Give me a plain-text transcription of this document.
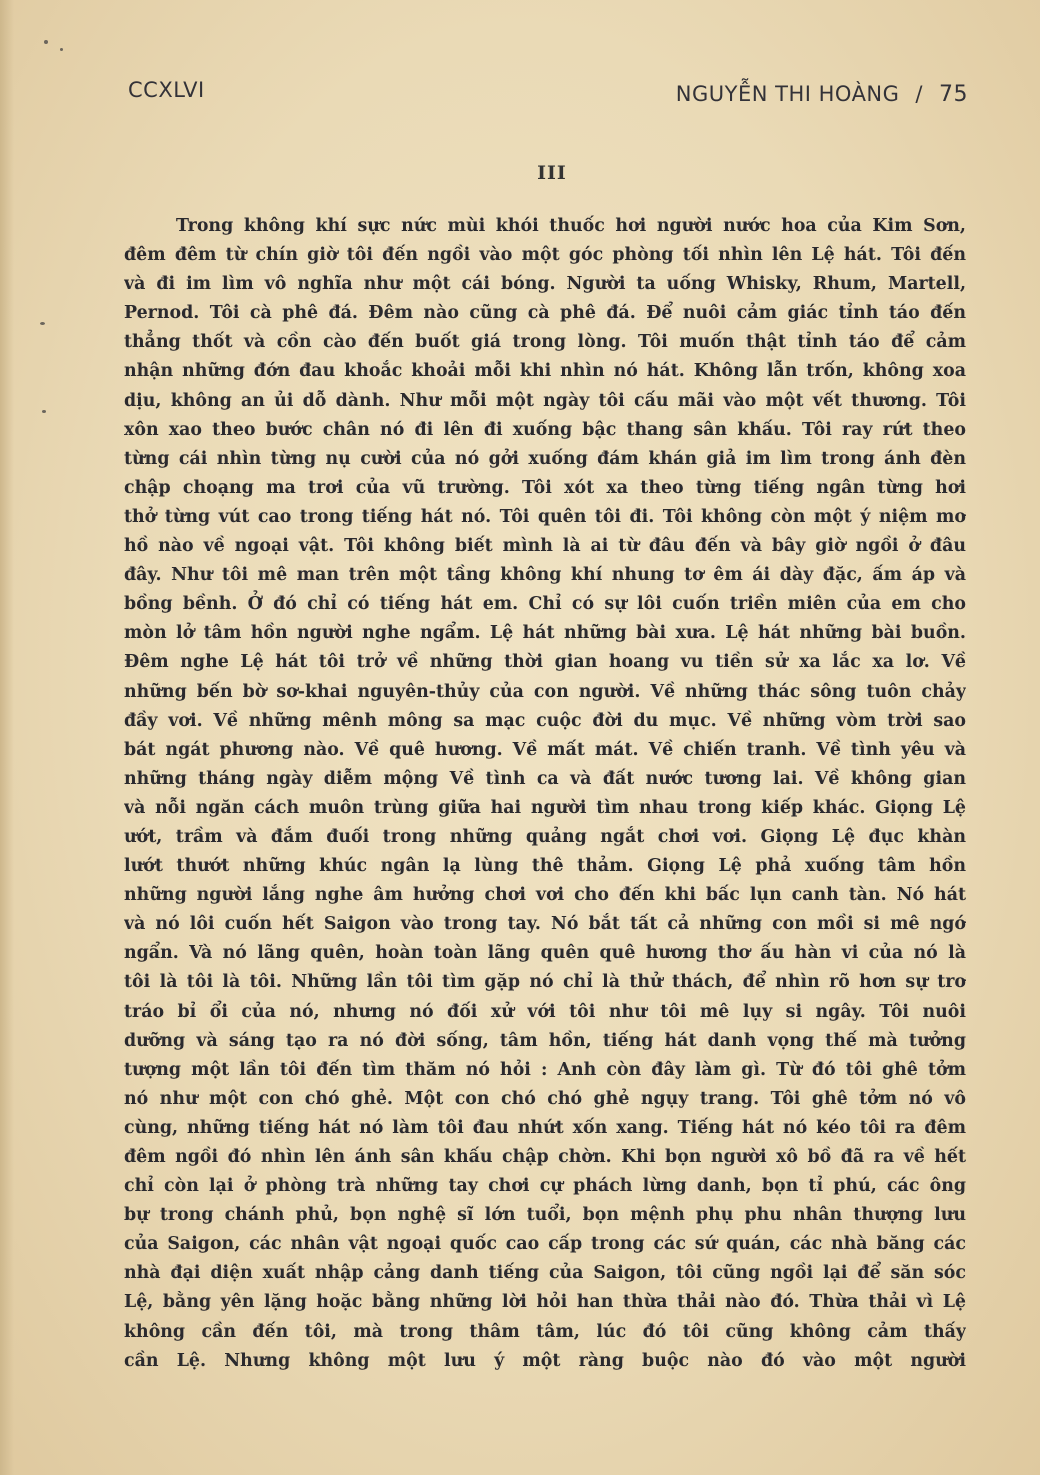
CCXLVI	NGUYỄN THI HOÀNG / 75
III
Trong không khí sực nức mùi khói thuốc hơi người nước hoa của Kim Sơn,
đêm đêm từ chín giờ tôi đến ngồi vào một góc phòng tối nhìn lên Lệ hát. Tôi đến
và đi im lìm vô nghĩa như một cái bóng. Người ta uống Whisky, Rhum, Martell,
Pernod. Tôi cà phê đá. Đêm nào cũng cà phê đá. Để nuôi cảm giác tỉnh táo đến
thẳng thốt và cồn cào đến buốt giá trong lòng. Tôi muốn thật tỉnh táo để cảm
nhận những đớn đau khoắc khoải mỗi khi nhìn nó hát. Không lẫn trốn, không xoa
dịu, không an ủi dỗ dành. Như mỗi một ngày tôi cấu mãi vào một vết thương. Tôi
xôn xao theo bước chân nó đi lên đi xuống bậc thang sân khấu. Tôi ray rứt theo
từng cái nhìn từng nụ cười của nó gởi xuống đám khán giả im lìm trong ánh đèn
chập choạng ma trơi của vũ trường. Tôi xót xa theo từng tiếng ngân từng hơi
thở từng vút cao trong tiếng hát nó. Tôi quên tôi đi. Tôi không còn một ý niệm mơ
hồ nào về ngoại vật. Tôi không biết mình là ai từ đâu đến và bây giờ ngồi ở đâu
đây. Như tôi mê man trên một tầng không khí nhung tơ êm ái dày đặc, ấm áp và
bồng bềnh. Ở đó chỉ có tiếng hát em. Chỉ có sự lôi cuốn triền miên của em cho
mòn lở tâm hồn người nghe ngẩm. Lệ hát những bài xưa. Lệ hát những bài buồn.
Đêm nghe Lệ hát tôi trở về những thời gian hoang vu tiền sử xa lắc xa lơ. Về
những bến bờ sơ-khai nguyên-thủy của con người. Về những thác sông tuôn chảy
đầy vơi. Về những mênh mông sa mạc cuộc đời du mục. Về những vòm trời sao
bát ngát phương nào. Về quê hương. Về mất mát. Về chiến tranh. Về tình yêu và
những tháng ngày diễm mộng Về tình ca và đất nước tương lai. Về không gian
và nỗi ngăn cách muôn trùng giữa hai người tìm nhau trong kiếp khác. Giọng Lệ
ướt, trầm và đắm đuối trong những quảng ngắt chơi vơi. Giọng Lệ đục khàn
lướt thướt những khúc ngân lạ lùng thê thảm. Giọng Lệ phả xuống tâm hồn
những người lắng nghe âm hưởng chơi vơi cho đến khi bấc lụn canh tàn. Nó hát
và nó lôi cuốn hết Saigon vào trong tay. Nó bắt tất cả những con mồi si mê ngớ
ngẩn. Và nó lãng quên, hoàn toàn lãng quên quê hương thơ ấu hàn vi của nó là
tôi là tôi là tôi. Những lần tôi tìm gặp nó chỉ là thử thách, để nhìn rõ hơn sự trơ
tráo bỉ ổi của nó, nhưng nó đối xử với tôi như tôi mê lụy si ngây. Tôi nuôi
dưỡng và sáng tạo ra nó đời sống, tâm hồn, tiếng hát danh vọng thế mà tưởng
tượng một lần tôi đến tìm thăm nó hỏi : Anh còn đây làm gì. Từ đó tôi ghê tởm
nó như một con chó ghẻ. Một con chó chó ghẻ ngụy trang. Tôi ghê tởm nó vô
cùng, những tiếng hát nó làm tôi đau nhứt xốn xang. Tiếng hát nó kéo tôi ra đêm
đêm ngồi đó nhìn lên ánh sân khấu chập chờn. Khi bọn người xô bồ đã ra về hết
chỉ còn lại ở phòng trà những tay chơi cự phách lừng danh, bọn tỉ phú, các ông
bự trong chánh phủ, bọn nghệ sĩ lớn tuổi, bọn mệnh phụ phu nhân thượng lưu
của Saigon, các nhân vật ngoại quốc cao cấp trong các sứ quán, các nhà băng các
nhà đại diện xuất nhập cảng danh tiếng của Saigon, tôi cũng ngồi lại để săn sóc
Lệ, bằng yên lặng hoặc bằng những lời hỏi han thừa thải nào đó. Thừa thải vì Lệ
không cần đến tôi, mà trong thâm tâm, lúc đó tôi cũng không cảm thấy
cần Lệ. Nhưng không một lưu ý một ràng buộc nào đó vào một người
